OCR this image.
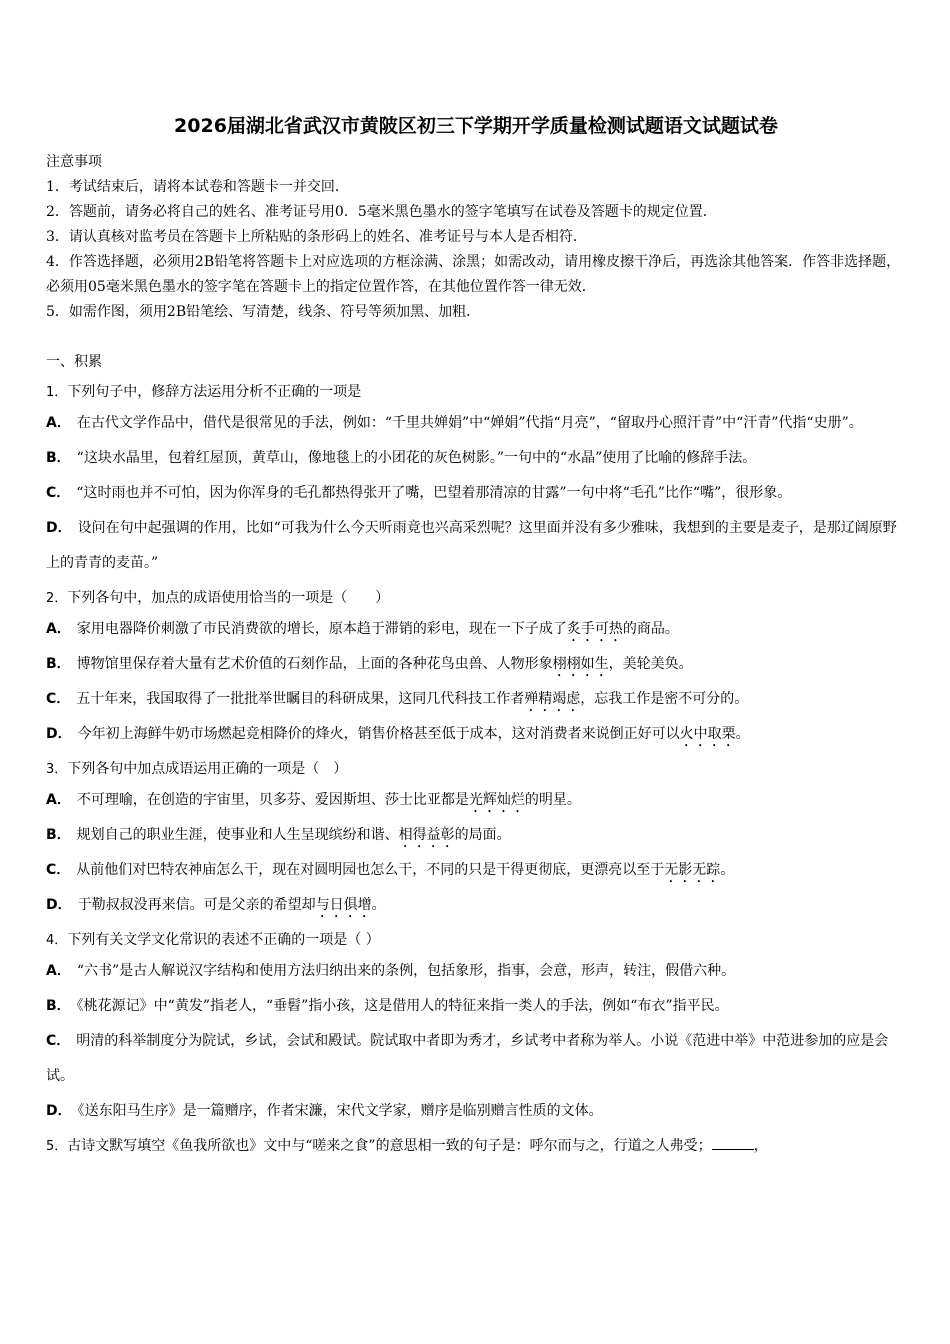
2026届湖北省武汉市黄陂区初三下学期开学质量检测试题语文试题试卷
注意事项
1．考试结束后，请将本试卷和答题卡一并交回．
2．答题前，请务必将自己的姓名、准考证号用0．5毫米黑色墨水的签字笔填写在试卷及答题卡的规定位置．
3．请认真核对监考员在答题卡上所粘贴的条形码上的姓名、准考证号与本人是否相符．
4．作答选择题，必须用2B铅笔将答题卡上对应选项的方框涂满、涂黑；如需改动，请用橡皮擦干净后，再选涂其他答案．作答非选择题，必须用05毫米黑色墨水的签字笔在答题卡上的指定位置作答，在其他位置作答一律无效．
5．如需作图，须用2B铅笔绘、写清楚，线条、符号等须加黑、加粗．
一、积累
1．下列句子中，修辞方法运用分析不正确的一项是
A． 在古代文学作品中，借代是很常见的手法，例如：“千里共婵娟”中“婵娟”代指“月亮”，“留取丹心照汗青”中“汗青”代指“史册”。
B． “这块水晶里，包着红屋顶，黄草山，像地毯上的小团花的灰色树影。”一句中的“水晶”使用了比喻的修辞手法。
C． “这时雨也并不可怕，因为你浑身的毛孔都热得张开了嘴，巴望着那清凉的甘露”一句中将“毛孔”比作“嘴”，很形象。
D． 设问在句中起强调的作用，比如“可我为什么今天听雨竟也兴高采烈呢？这里面并没有多少雅味，我想到的主要是麦子，是那辽阔原野上的青青的麦苗。”
2．下列各句中，加点的成语使用恰当的一项是（　　）
A． 家用电器降价刺激了市民消费欲的增长，原本趋于滞销的彩电，现在一下子成了炙手可热的商品。
B． 博物馆里保存着大量有艺术价值的石刻作品，上面的各种花鸟虫兽、人物形象栩栩如生，美轮美奂。
C． 五十年来，我国取得了一批批举世瞩目的科研成果，这同几代科技工作者殚精竭虑，忘我工作是密不可分的。
D． 今年初上海鲜牛奶市场燃起竞相降价的烽火，销售价格甚至低于成本，这对消费者来说倒正好可以火中取栗。
3．下列各句中加点成语运用正确的一项是（　）
A． 不可理喻，在创造的宇宙里，贝多芬、爱因斯坦、莎士比亚都是光辉灿烂的明星。
B． 规划自己的职业生涯，使事业和人生呈现缤纷和谐、相得益彰的局面。
C． 从前他们对巴特农神庙怎么干，现在对圆明园也怎么干，不同的只是干得更彻底，更漂亮以至于无影无踪。
D． 于勒叔叔没再来信。可是父亲的希望却与日俱增。
4．下列有关文学文化常识的表述不正确的一项是（ ）
A． “六书”是古人解说汉字结构和使用方法归纳出来的条例，包括象形，指事，会意，形声，转注，假借六种。
B． 《桃花源记》中“黄发”指老人，“垂髫”指小孩，这是借用人的特征来指一类人的手法，例如“布衣”指平民。
C． 明清的科举制度分为院试，乡试，会试和殿试。院试取中者即为秀才，乡试考中者称为举人。小说《范进中举》中范进参加的应是会试。
D． 《送东阳马生序》是一篇赠序，作者宋濂，宋代文学家，赠序是临别赠言性质的文体。
5．古诗文默写填空《鱼我所欲也》文中与“嗟来之食”的意思相一致的句子是：呼尔而与之，行道之人弗受；	，
